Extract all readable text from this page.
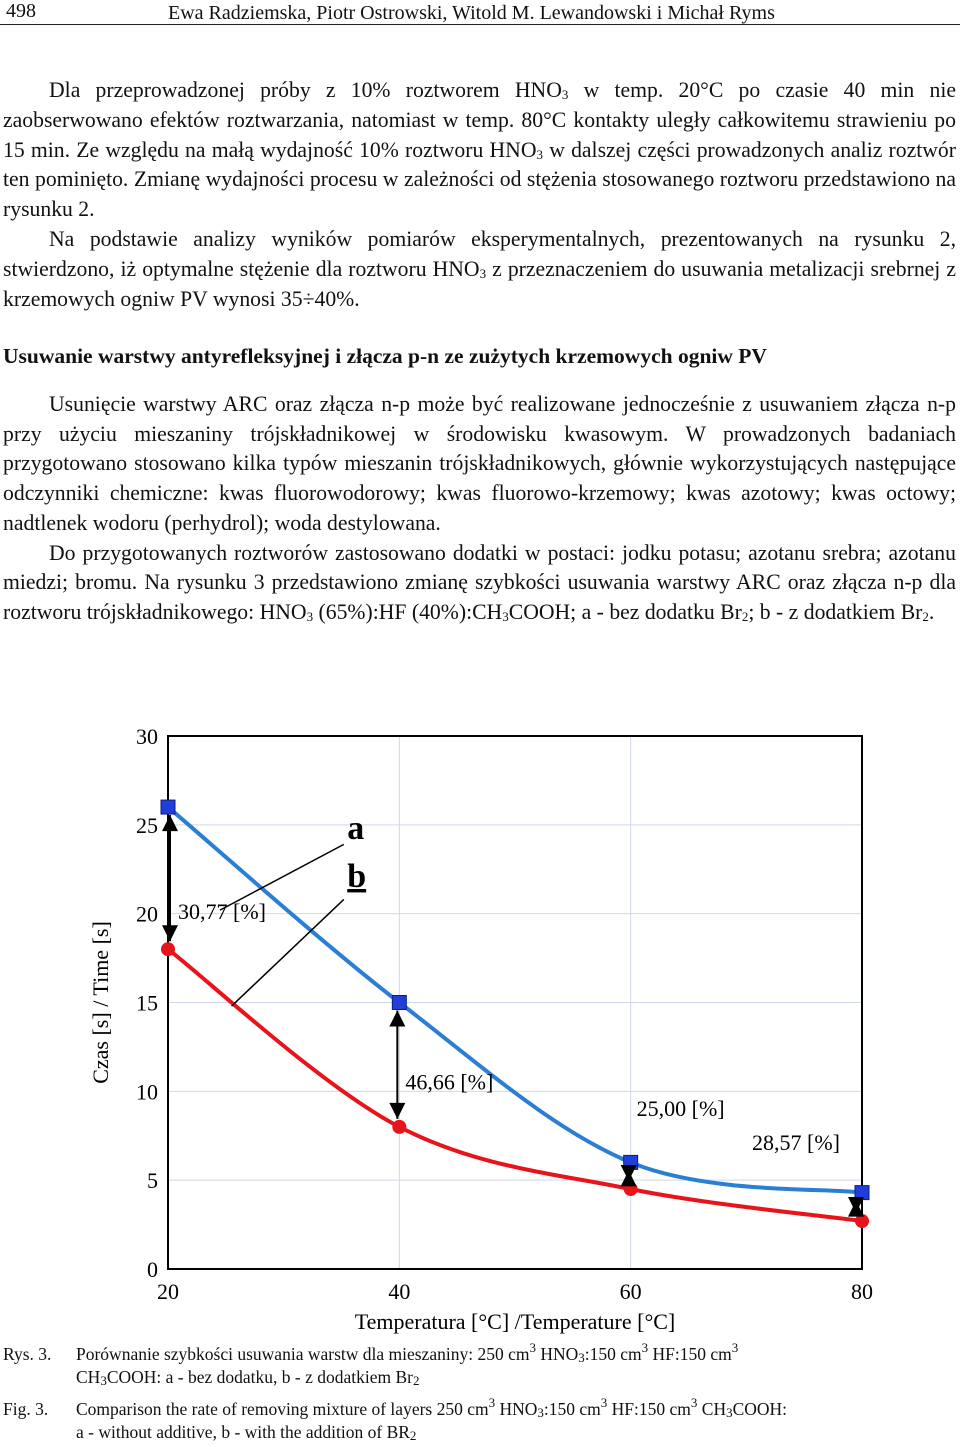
498	Ewa Radziemska, Piotr Ostrowski, Witold M. Lewandowski i Michał Ryms

Dla przeprowadzonej próby z 10% roztworem $HNO_3$ w temp. 20°C po czasie 40 min nie zaobserwowano efektów roztwarzania, natomiast w temp. 80°C kontakty uległy całkowitemu strawieniu po 15 min. Ze względu na małą wydajność 10% roztworu $HNO_3$ w dalszej części prowadzonych analiz roztwór ten pominięto. Zmianę wydajności procesu w zależności od stężenia stosowanego roztworu przedstawiono na rysunku 2.

Na podstawie analizy wyników pomiarów eksperymentalnych, prezentowanych na rysunku 2, stwierdzono, iż optymalne stężenie dla roztworu $HNO_3$ z przeznaczeniem do usuwania metalizacji srebrnej z krzemowych ogniw PV wynosi 35÷40%.

Usuwanie warstwy antyrefleksyjnej i złącza p-n ze zużytych krzemowych ogniw PV

Usunięcie warstwy ARC oraz złącza n-p może być realizowane jednocześnie z usuwaniem złącza n-p przy użyciu mieszaniny trójskładnikowej w środowisku kwasowym. W prowadzonych badaniach przygotowano stosowano kilka typów mieszanin trójskładnikowych, głównie wykorzystujących następujące odczynniki chemiczne: kwas fluorowodorowy; kwas fluorowo-krzemowy; kwas azotowy; kwas octowy; nadtlenek wodoru (perhydrol); woda destylowana.

Do przygotowanych roztworów zastosowano dodatki w postaci: jodku potasu; azotanu srebra; azotanu miedzi; bromu. Na rysunku 3 przedstawiono zmianę szybkości usuwania warstwy ARC oraz złącza n-p dla roztworu trójskładnikowego: $HNO_3$ (65%):HF $(40\%):CH_3COOH$; a - bez dodatku $Br_2$; b - z dodatkiem $Br_2$.

0
5
10
15
20
25
30
20	40	60	80
Temperatura [°C] /Temperature [°C]
Czas [s] / Time [s]
30,77 [%]
46,66 [%]
25,00 [%]
28,57 [%]
a
b
Rys. 3. Porównanie szybkości usuwania warstw dla mieszaniny: 250 $cm^3$ $HNO_3:150$ $cm^3$ HF:150 $cm^3$
$CH_3COOH$: a - bez dodatku, b - z dodatkiem $Br_2$
Fig. 3. Comparison the rate of removing mixture of layers 250 $cm^3$ $HNO_3:150$ $cm^3$ HF:150 $cm^3$ $CH_3COOH$:
a - without additive, b - with the addition of $BR_2$
